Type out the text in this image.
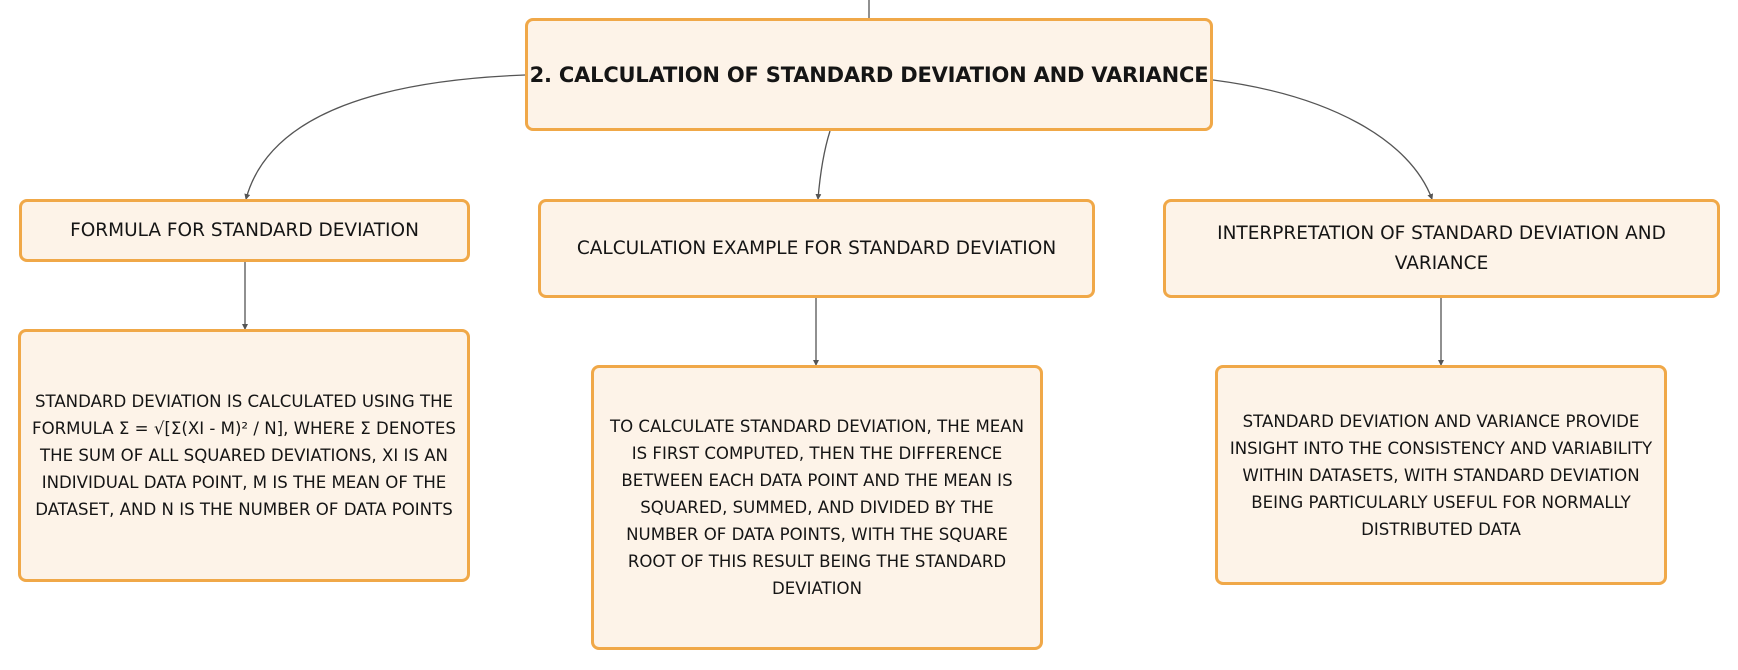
2. CALCULATION OF STANDARD DEVIATION AND VARIANCE
FORMULA FOR STANDARD DEVIATION
CALCULATION EXAMPLE FOR STANDARD DEVIATION
INTERPRETATION OF STANDARD DEVIATION AND VARIANCE
STANDARD DEVIATION IS CALCULATED USING THE FORMULA Σ = √[Σ(XI - Μ)² / N], WHERE Σ DENOTES THE SUM OF ALL SQUARED DEVIATIONS, XI IS AN INDIVIDUAL DATA POINT, Μ IS THE MEAN OF THE DATASET, AND N IS THE NUMBER OF DATA POINTS
TO CALCULATE STANDARD DEVIATION, THE MEAN IS FIRST COMPUTED, THEN THE DIFFERENCE BETWEEN EACH DATA POINT AND THE MEAN IS SQUARED, SUMMED, AND DIVIDED BY THE NUMBER OF DATA POINTS, WITH THE SQUARE ROOT OF THIS RESULT BEING THE STANDARD DEVIATION
STANDARD DEVIATION AND VARIANCE PROVIDE INSIGHT INTO THE CONSISTENCY AND VARIABILITY WITHIN DATASETS, WITH STANDARD DEVIATION BEING PARTICULARLY USEFUL FOR NORMALLY DISTRIBUTED DATA
